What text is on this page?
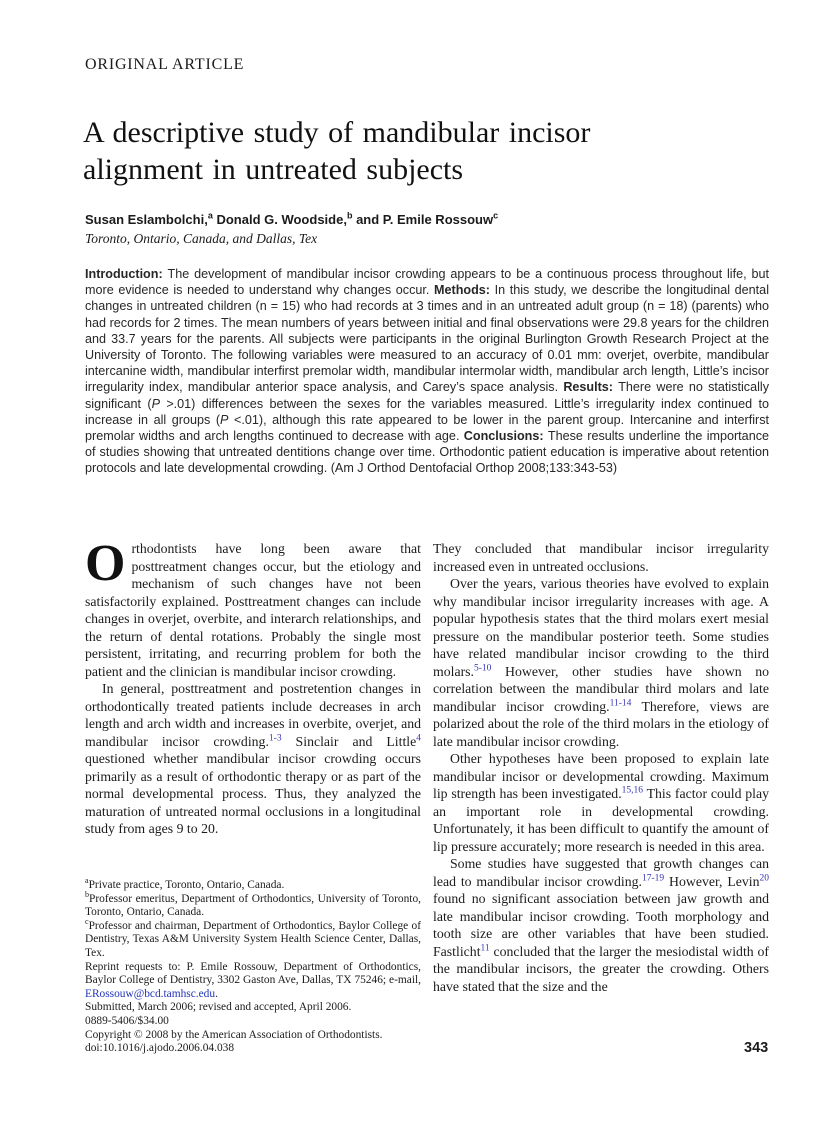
ORIGINAL ARTICLE
A descriptive study of mandibular incisor alignment in untreated subjects
Susan Eslambolchi,$^a$ Donald G. Woodside,$^b$ and P. Emile Rossouw$^c$
Toronto, Ontario, Canada, and Dallas, Tex
Introduction: The development of mandibular incisor crowding appears to be a continuous process throughout life, but more evidence is needed to understand why changes occur. Methods: In this study, we describe the longitudinal dental changes in untreated children (n = 15) who had records at 3 times and in an untreated adult group (n = 18) (parents) who had records for 2 times. The mean numbers of years between initial and final observations were 29.8 years for the children and 33.7 years for the parents. All subjects were participants in the original Burlington Growth Research Project at the University of Toronto. The following variables were measured to an accuracy of 0.01 mm: overjet, overbite, mandibular intercanine width, mandibular interfirst premolar width, mandibular intermolar width, mandibular arch length, Little’s incisor irregularity index, mandibular anterior space analysis, and Carey’s space analysis. Results: There were no statistically significant (P >.01) differences between the sexes for the variables measured. Little’s irregularity index continued to increase in all groups (P <.01), although this rate appeared to be lower in the parent group. Intercanine and interfirst premolar widths and arch lengths continued to decrease with age. Conclusions: These results underline the importance of studies showing that untreated dentitions change over time. Orthodontic patient education is imperative about retention protocols and late developmental crowding. (Am J Orthod Dentofacial Orthop 2008;133:343-53)

Orthodontists have long been aware that posttreatment changes occur, but the etiology and mechanism of such changes have not been satisfactorily explained. Posttreatment changes can include changes in overjet, overbite, and interarch relationships, and the return of dental rotations. Probably the single most persistent, irritating, and recurring problem for both the patient and the clinician is mandibular incisor crowding.

In general, posttreatment and postretention changes in orthodontically treated patients include decreases in arch length and arch width and increases in overbite, overjet, and mandibular incisor crowding.$^{1-3}$ Sinclair and Little$^4$ questioned whether mandibular incisor crowding occurs primarily as a result of orthodontic therapy or as part of the normal developmental process. Thus, they analyzed the maturation of untreated normal occlusions in a longitudinal study from ages 9 to 20.

$^a$Private practice, Toronto, Ontario, Canada.
$^b$Professor emeritus, Department of Orthodontics, University of Toronto, Toronto, Ontario, Canada.
$^c$Professor and chairman, Department of Orthodontics, Baylor College of Dentistry, Texas A&M University System Health Science Center, Dallas, Tex.
Reprint requests to: P. Emile Rossouw, Department of Orthodontics, Baylor College of Dentistry, 3302 Gaston Ave, Dallas, TX 75246; e-mail, ERossouw@bcd.tamhsc.edu.
Submitted, March 2006; revised and accepted, April 2006.
0889-5406/$34.00
Copyright © 2008 by the American Association of Orthodontists.
doi:10.1016/j.ajodo.2006.04.038

They concluded that mandibular incisor irregularity increased even in untreated occlusions.

Over the years, various theories have evolved to explain why mandibular incisor irregularity increases with age. A popular hypothesis states that the third molars exert mesial pressure on the mandibular posterior teeth. Some studies have related mandibular incisor crowding to the third molars.$^{5-10}$ However, other studies have shown no correlation between the mandibular third molars and late mandibular incisor crowding.$^{11-14}$ Therefore, views are polarized about the role of the third molars in the etiology of late mandibular incisor crowding.

Other hypotheses have been proposed to explain late mandibular incisor or developmental crowding. Maximum lip strength has been investigated.$^{15,16}$ This factor could play an important role in developmental crowding. Unfortunately, it has been difficult to quantify the amount of lip pressure accurately; more research is needed in this area.

Some studies have suggested that growth changes can lead to mandibular incisor crowding.$^{17-19}$ However, Levin$^{20}$ found no significant association between jaw growth and late mandibular incisor crowding. Tooth morphology and tooth size are other variables that have been studied. Fastlicht$^{11}$ concluded that the larger the mesiodistal width of the mandibular incisors, the greater the crowding. Others have stated that the size and the

343
